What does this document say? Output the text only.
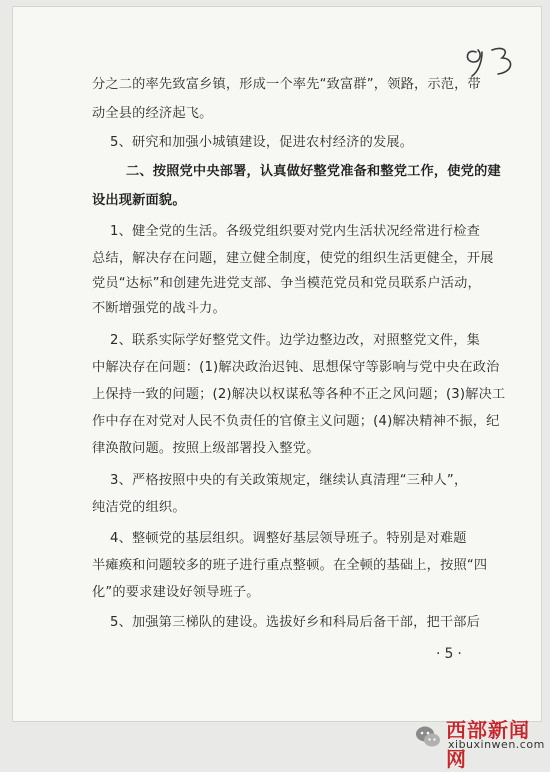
分之二的率先致富乡镇，形成一个率先“致富群”，领路，示范，带
动全县的经济起飞。
5、研究和加强小城镇建设，促进农村经济的发展。
二、按照党中央部署，认真做好整党准备和整党工作，使党的建
设出现新面貌。
1、健全党的生活。各级党组织要对党内生活状况经常进行检查
总结，解决存在问题，建立健全制度，使党的组织生活更健全，开展
党员“达标”和创建先进党支部、争当模范党员和党员联系户活动，
不断增强党的战斗力。
2、联系实际学好整党文件。边学边整边改，对照整党文件，集
中解决存在问题：(1)解决政治迟钝、思想保守等影响与党中央在政治
上保持一致的问题；(2)解决以权谋私等各种不正之风问题；(3)解决工
作中存在对党对人民不负责任的官僚主义问题；(4)解决精神不振，纪
律涣散问题。按照上级部署投入整党。
3、严格按照中央的有关政策规定，继续认真清理“三种人”，
纯洁党的组织。
4、整顿党的基层组织。调整好基层领导班子。特别是对难题
半瘫痪和问题较多的班子进行重点整顿。在全顿的基础上，按照“四
化”的要求建设好领导班子。
5、加强第三梯队的建设。选拔好乡和科局后备干部，把干部后
·5·
西部新闻网
xibuxinwen.com
